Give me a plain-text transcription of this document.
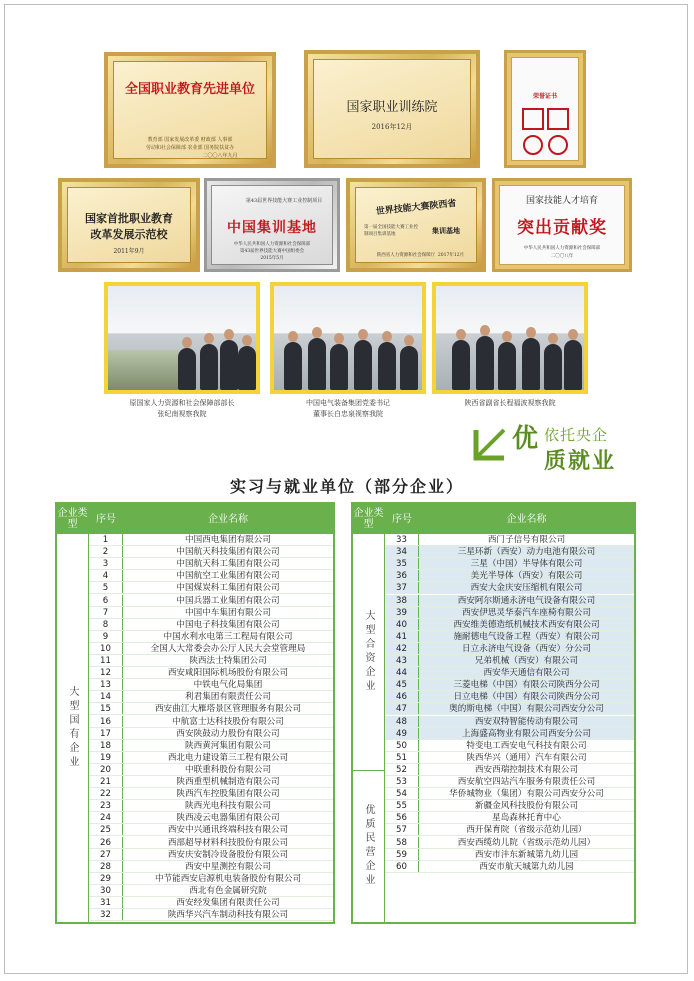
全国职业教育先进单位
教育部 国家发展改革委 财政部 人事部
劳动和社会保障部 农业部 国务院扶贫办
二〇〇八年九月
国家职业训练院
2016年12月
荣誉证书
国家首批职业教育
改革发展示范校
2011年9月
第43届世界技能大赛工业控制项目
中国集训基地
中华人民共和国人力资源和社会保障部
第43届世界技能大赛中国组委会
2015年5月
世界技能大赛陕西省
第一届全国技能大赛工业控制项目集训基地	集训基地
陕西省人力资源和社会保障厅 2017年12月
国家技能人才培育
突出贡献奖
中华人民共和国人力资源和社会保障部
二〇〇八年
原国家人力资源和社会保障部部长
张纪南视察我院
中国电气装备集团党委书记
董事长白忠泉视察我院
陕西省副省长程福波视察我院
优 依托央企
质就业
实习与就业单位（部分企业）
企业类型	序号	企业名称
大型国有企业
1	中国西电集团有限公司
2	中国航天科技集团有限公司
3	中国航天科工集团有限公司
4	中国航空工业集团有限公司
5	中国煤炭科工集团有限公司
6	中国兵器工业集团有限公司
7	中国中车集团有限公司
8	中国电子科技集团有限公司
9	中国水利水电第三工程局有限公司
10	全国人大常委会办公厅人民大会堂管理局
11	陕西法士特集团公司
12	西安咸阳国际机场股份有限公司
13	中铁电气化局集团
14	利君集团有限责任公司
15	西安曲江大雁塔景区管理服务有限公司
16	中航富士达科技股份有限公司
17	西安陕鼓动力股份有限公司
18	陕西黄河集团有限公司
19	西北电力建设第三工程有限公司
20	中联重科股份有限公司
21	陕西重型机械制造有限公司
22	陕西汽车控股集团有限公司
23	陕西光电科技有限公司
24	陕西凌云电器集团有限公司
25	西安中兴通讯终端科技有限公司
26	西部超导材料科技股份有限公司
27	西安庆安制冷设备股份有限公司
28	西安中星测控有限公司
29	中节能西安启源机电装备股份有限公司
30	西北有色金属研究院
31	西安经发集团有限责任公司
32	陕西华兴汽车制动科技有限公司
企业类型	序号	企业名称
大型合资企业
优质民营企业
33	西门子信号有限公司
34	三星环新（西安）动力电池有限公司
35	三星（中国）半导体有限公司
36	美光半导体（西安）有限公司
37	西安大金庆安压缩机有限公司
38	西安阿尔斯通永济电气设备有限公司
39	西安伊思灵华泰汽车座椅有限公司
40	西安维美德造纸机械技术西安有限公司
41	施耐德电气设备工程（西安）有限公司
42	日立永济电气设备（西安）分公司
43	兄弟机械（西安）有限公司
44	西安华天通信有限公司
45	三菱电梯（中国）有限公司陕西分公司
46	日立电梯（中国）有限公司陕西分公司
47	奥的斯电梯（中国）有限公司西安分公司
48	西安双特智能传动有限公司
49	上海盛高物业有限公司西安分公司
50	特变电工西安电气科技有限公司
51	陕西华兴（通用）汽车有限公司
52	西安西瑞控制技术有限公司
53	西安航空四站汽车服务有限责任公司
54	华侨城物业（集团）有限公司西安分公司
55	新疆金风科技股份有限公司
56	星岛森林托育中心
57	西开保育院（省级示范幼儿园）
58	西安西缆幼儿院（省级示范幼儿园）
59	西安市沣东新城第九幼儿园
60	西安市航天城第九幼儿园
